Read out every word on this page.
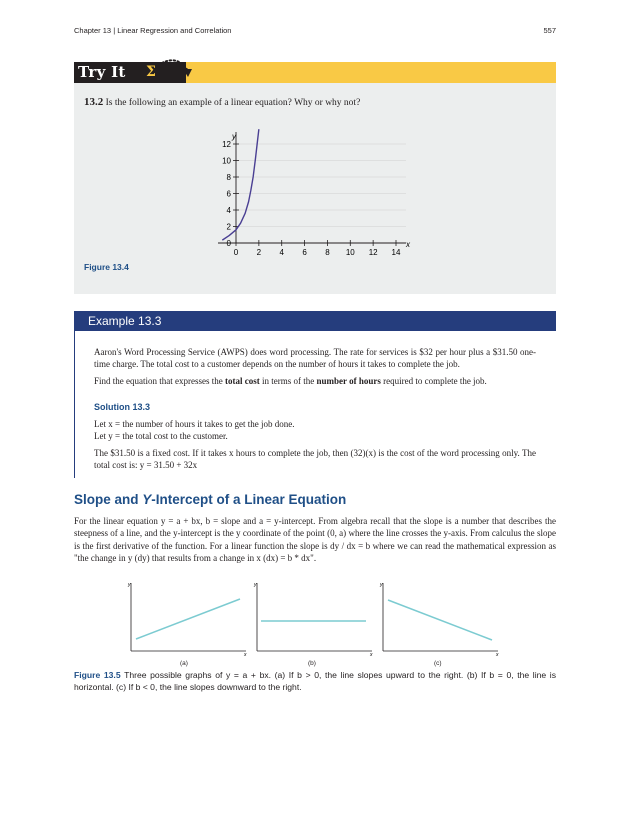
Chapter 13 | Linear Regression and Correlation	557
Try It Σ
13.2 Is the following an example of a linear equation? Why or why not?
0
2
4
6
8
10
12
0 2 4 6 8 10 12 14
y
x
Figure 13.4
Example 13.3
Aaron's Word Processing Service (AWPS) does word processing. The rate for services is $32 per hour plus a $31.50 one-time charge. The total cost to a customer depends on the number of hours it takes to complete the job.
Find the equation that expresses the total cost in terms of the number of hours required to complete the job.
Solution 13.3
Let x = the number of hours it takes to get the job done.
Let y = the total cost to the customer.
The $31.50 is a fixed cost. If it takes x hours to complete the job, then (32)(x) is the cost of the word processing only. The total cost is: y = 31.50 + 32x
Slope and Y-Intercept of a Linear Equation
For the linear equation y = a + bx, b = slope and a = y-intercept. From algebra recall that the slope is a number that describes the steepness of a line, and the y-intercept is the y coordinate of the point (0, a) where the line crosses the y-axis. From calculus the slope is the first derivative of the function. For a linear function the slope is dy / dx = b where we can read the mathematical expression as "the change in y (dy) that results from a change in x (dx) = b * dx".
y
x
y
x
y
x
(a)	(b)	(c)
Figure 13.5 Three possible graphs of y = a + bx. (a) If b > 0, the line slopes upward to the right. (b) If b = 0, the line is horizontal. (c) If b < 0, the line slopes downward to the right.
